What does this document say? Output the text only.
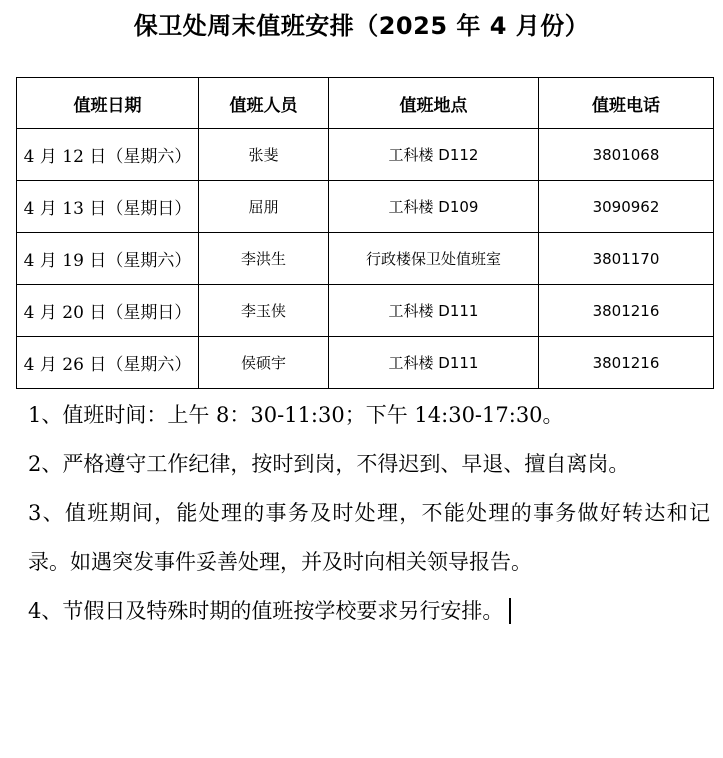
保卫处周末值班安排（2025 年 4 月份）
值班日期	值班人员	值班地点	值班电话
4 月 12 日（星期六）	张斐	工科楼 D112	3801068
4 月 13 日（星期日）	屈朋	工科楼 D109	3090962
4 月 19 日（星期六）	李洪生	行政楼保卫处值班室	3801170
4 月 20 日（星期日）	李玉侠	工科楼 D111	3801216
4 月 26 日（星期六）	侯硕宇	工科楼 D111	3801216

1、值班时间：上午 8：30-11:30；下午 14:30-17:30。

2、严格遵守工作纪律，按时到岗，不得迟到、早退、擅自离岗。

3、值班期间，能处理的事务及时处理，不能处理的事务做好转达和记录。如遇突发事件妥善处理，并及时向相关领导报告。

4、节假日及特殊时期的值班按学校要求另行安排。
